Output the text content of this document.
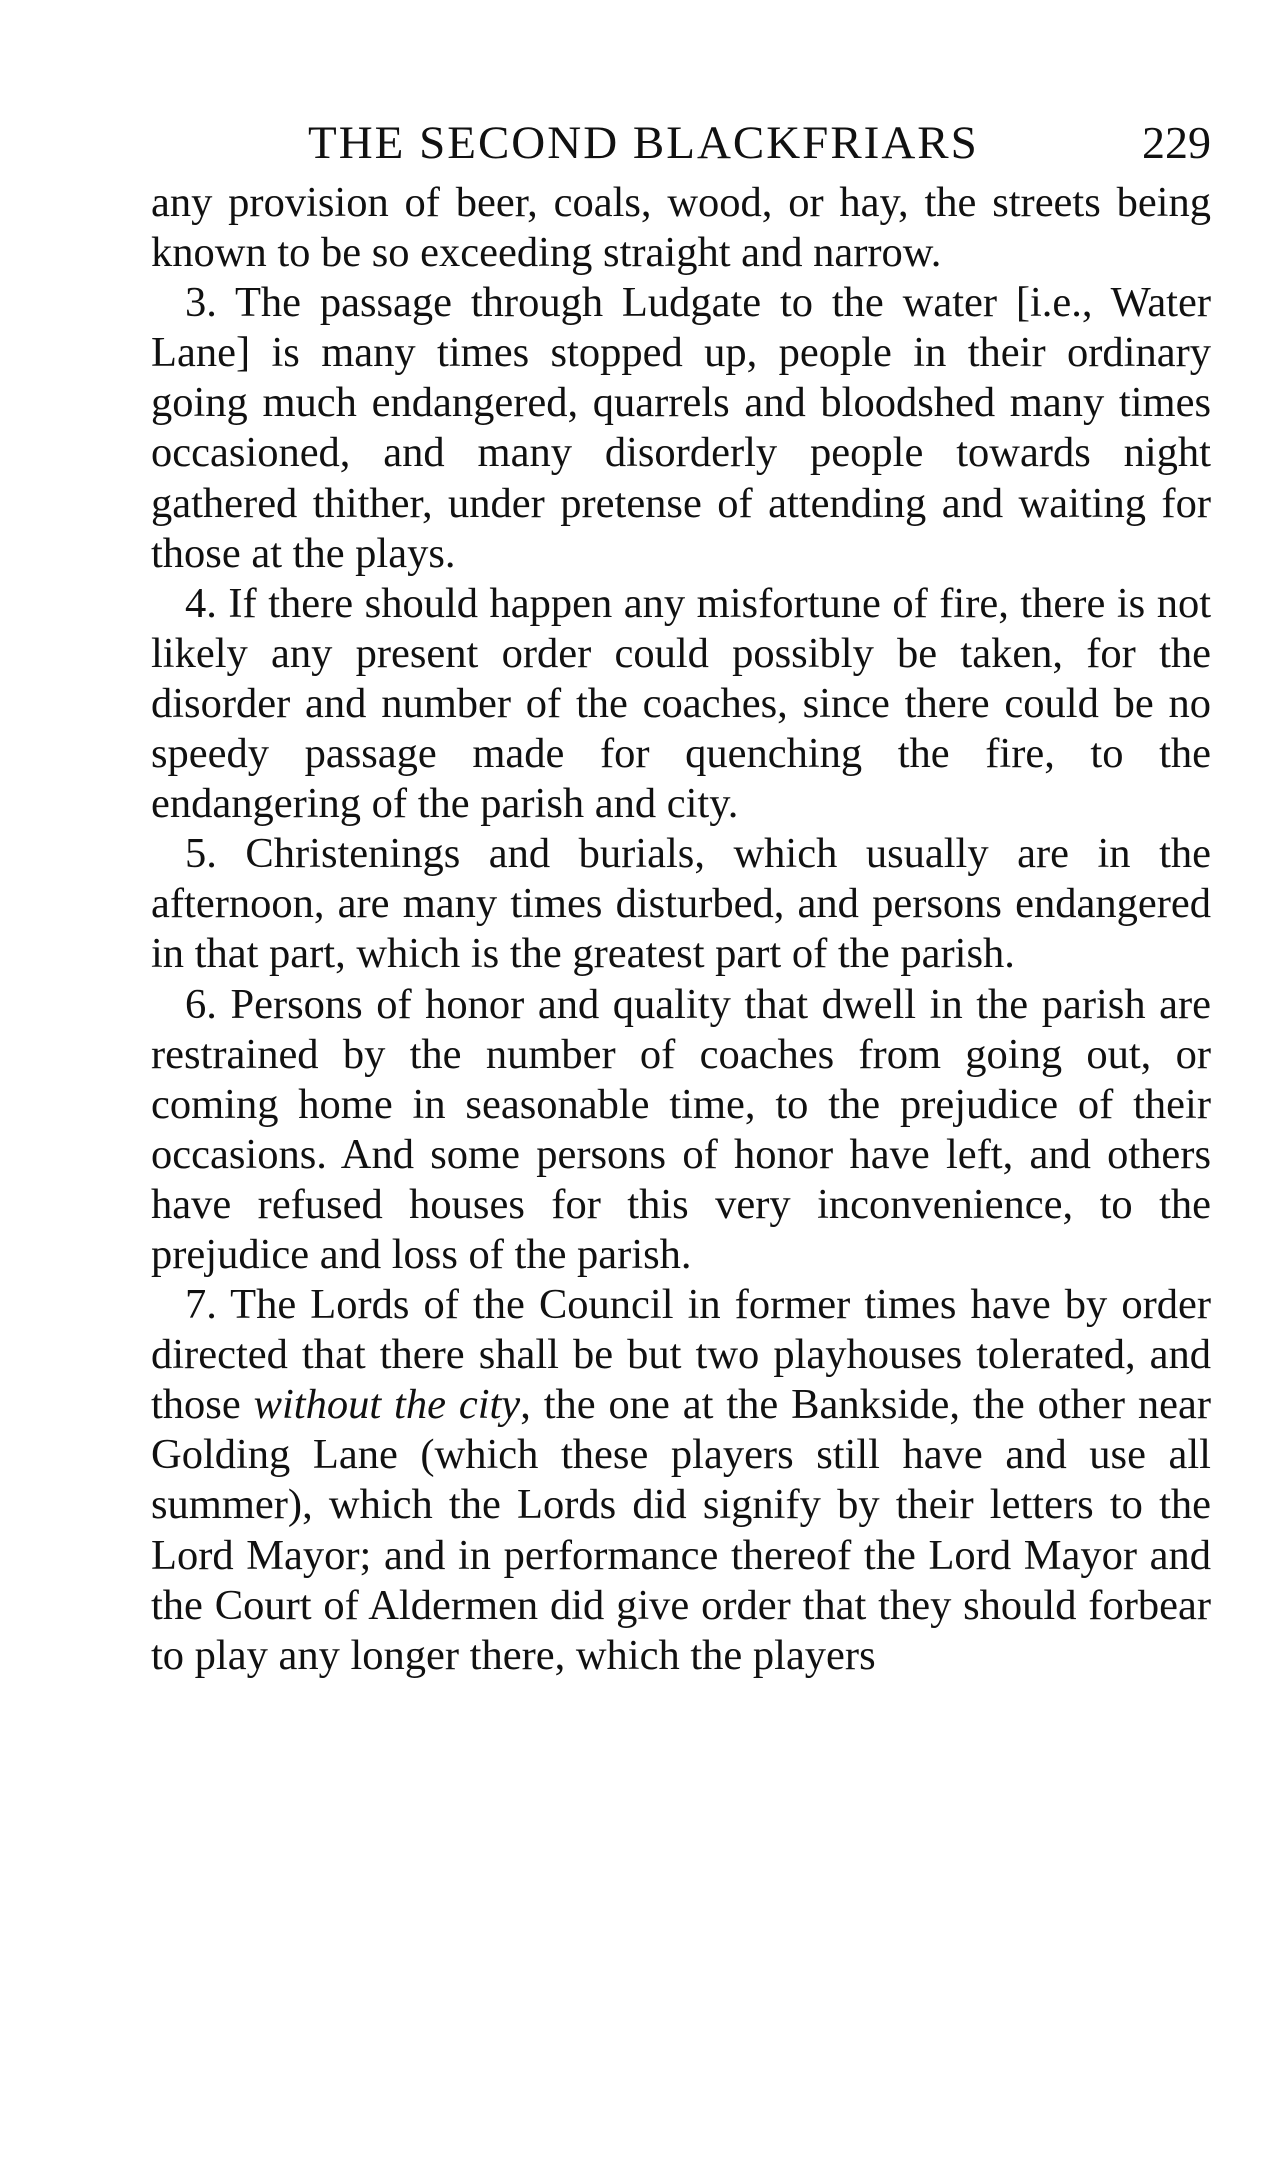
THE SECOND BLACKFRIARS	229

any provision of beer, coals, wood, or hay, the streets being known to be so exceeding straight and narrow.

3. The passage through Ludgate to the water [i.e., Water Lane] is many times stopped up, people in their ordinary going much endangered, quarrels and bloodshed many times occasioned, and many disorderly people towards night gathered thither, under pretense of attending and waiting for those at the plays.

4. If there should happen any misfortune of fire, there is not likely any present order could possibly be taken, for the disorder and number of the coaches, since there could be no speedy passage made for quenching the fire, to the endangering of the parish and city.

5. Christenings and burials, which usually are in the afternoon, are many times disturbed, and persons endangered in that part, which is the greatest part of the parish.

6. Persons of honor and quality that dwell in the parish are restrained by the number of coaches from going out, or coming home in seasonable time, to the prejudice of their occasions. And some persons of honor have left, and others have refused houses for this very inconvenience, to the prejudice and loss of the parish.

7. The Lords of the Council in former times have by order directed that there shall be but two playhouses tolerated, and those without the city, the one at the Bankside, the other near Golding Lane (which these players still have and use all summer), which the Lords did signify by their letters to the Lord Mayor; and in performance thereof the Lord Mayor and the Court of Aldermen did give order that they should forbear to play any longer there, which the players
